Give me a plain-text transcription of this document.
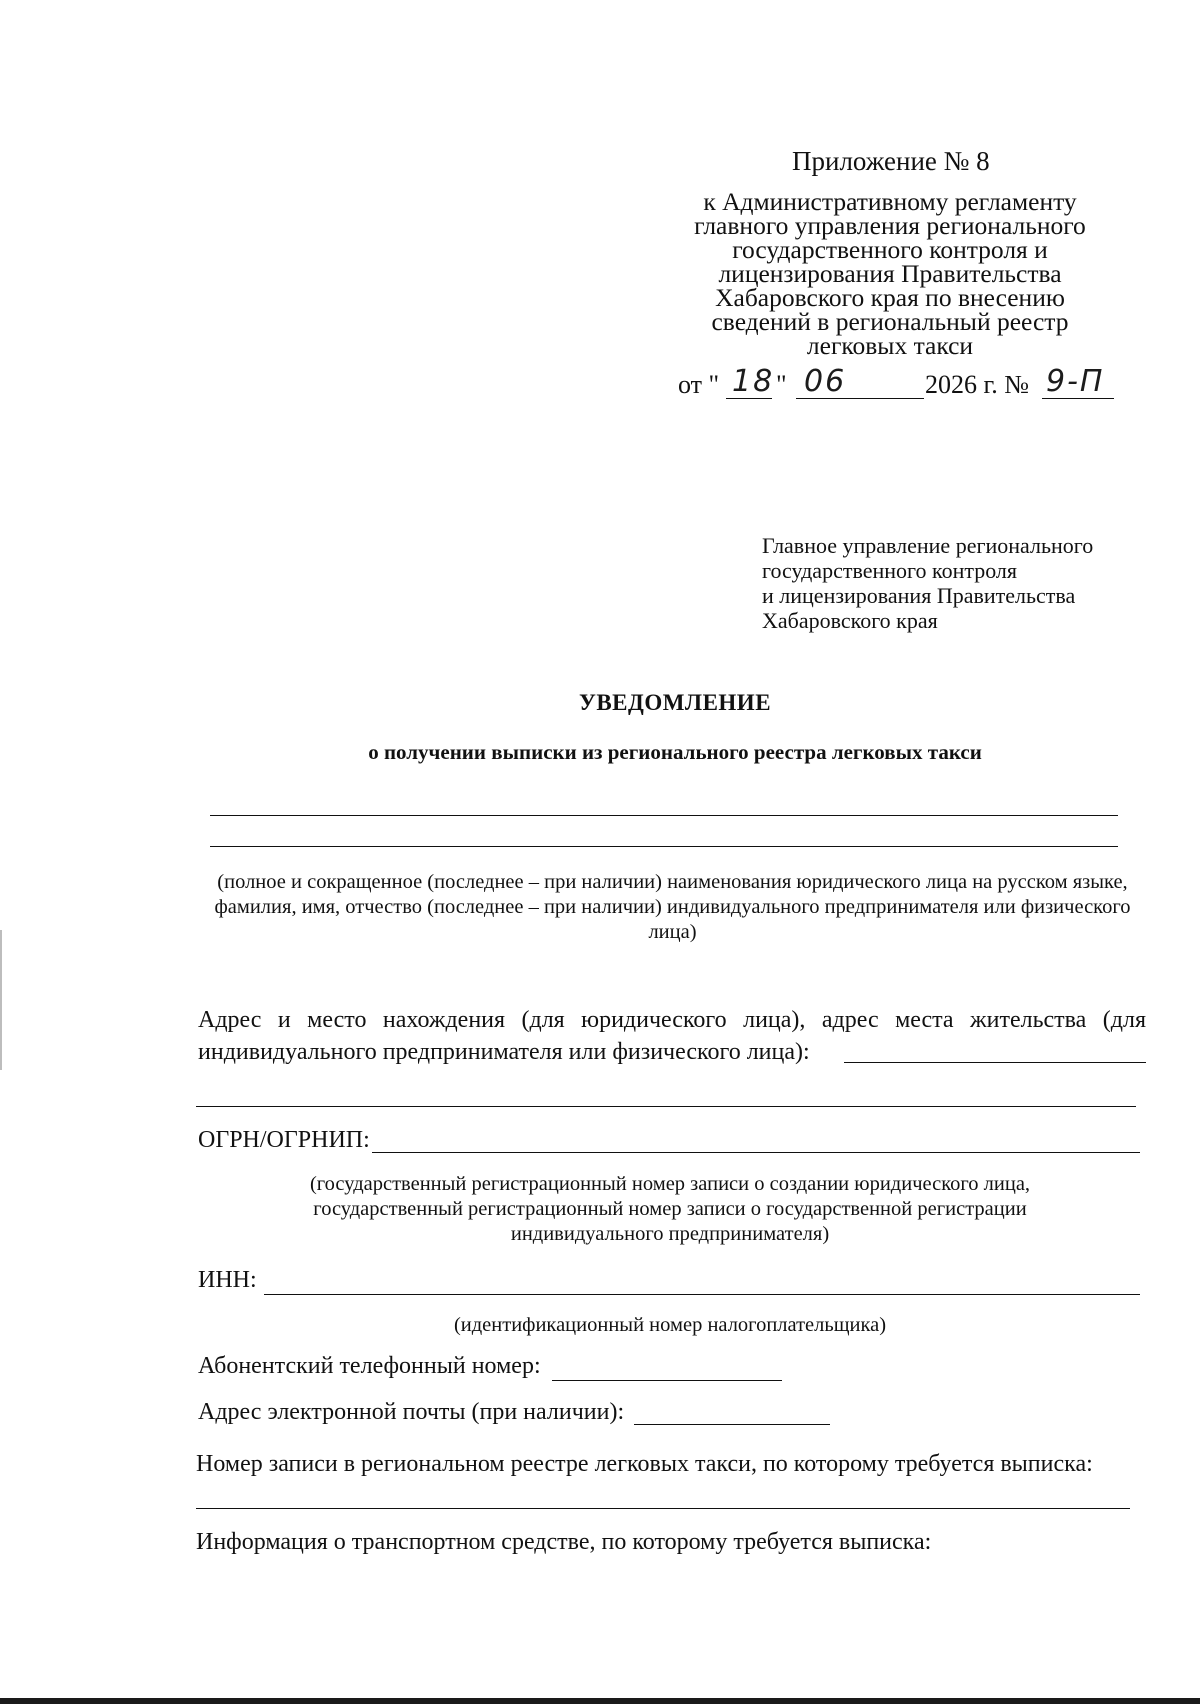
Приложение № 8
к Административному регламенту
главного управления регионального
государственного контроля и
лицензирования Правительства
Хабаровского края по внесению
сведений в региональный реестр
легковых такси
от " 18 " 06	2026 г. № 9-П
Главное управление регионального
государственного контроля
и лицензирования Правительства
Хабаровского края
УВЕДОМЛЕНИЕ
о получении выписки из регионального реестра легковых такси
(полное и сокращенное (последнее – при наличии) наименования юридического лица на русском языке, фамилия, имя, отчество (последнее – при наличии) индивидуального предпринимателя или физического лица)
Адрес и место нахождения (для юридического лица), адрес места жительства (для индивидуального предпринимателя или физического лица):
ОГРН/ОГРНИП:
(государственный регистрационный номер записи о создании юридического лица,
государственный регистрационный номер записи о государственной регистрации
индивидуального предпринимателя)
ИНН:
(идентификационный номер налогоплательщика)
Абонентский телефонный номер:
Адрес электронной почты (при наличии):
Номер записи в региональном реестре легковых такси, по которому требуется выписка:
Информация о транспортном средстве, по которому требуется выписка:
